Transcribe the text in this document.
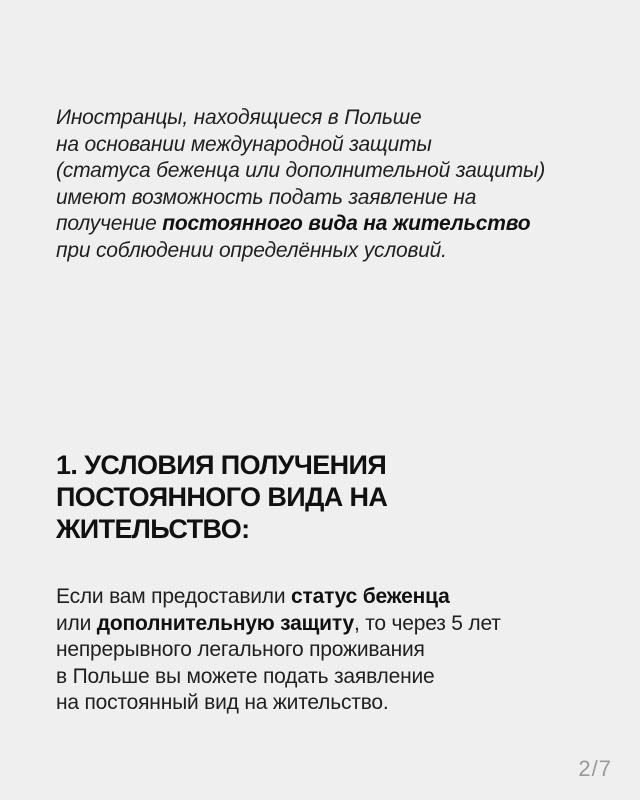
Иностранцы, находящиеся в Польше
на основании международной защиты
(статуса беженца или дополнительной защиты)
имеют возможность подать заявление на
получение постоянного вида на жительство
при соблюдении определённых условий.
1. УСЛОВИЯ ПОЛУЧЕНИЯ
ПОСТОЯННОГО ВИДА НА
ЖИТЕЛЬСТВО:
Если вам предоставили статус беженца
или дополнительную защиту, то через 5 лет
непрерывного легального проживания
в Польше вы можете подать заявление
на постоянный вид на жительство.
2/7
